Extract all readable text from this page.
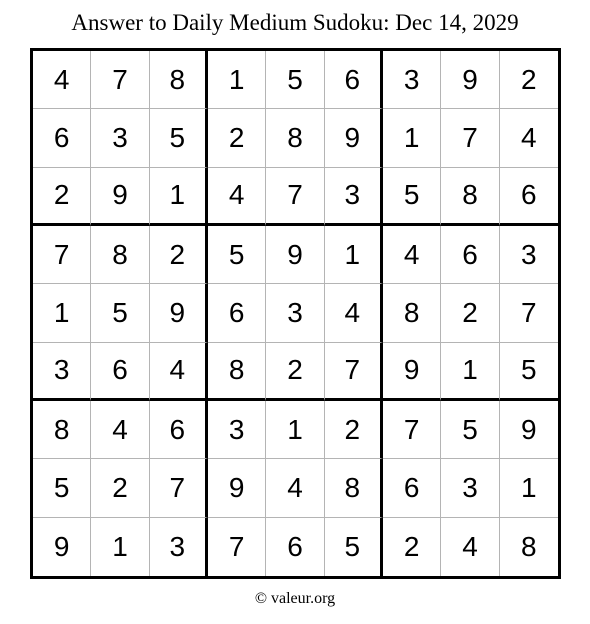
Answer to Daily Medium Sudoku: Dec 14, 2029
4	7	8	1	5	6	3	9	2
6	3	5	2	8	9	1	7	4
2	9	1	4	7	3	5	8	6
7	8	2	5	9	1	4	6	3
1	5	9	6	3	4	8	2	7
3	6	4	8	2	7	9	1	5
8	4	6	3	1	2	7	5	9
5	2	7	9	4	8	6	3	1
9	1	3	7	6	5	2	4	8
© valeur.org
